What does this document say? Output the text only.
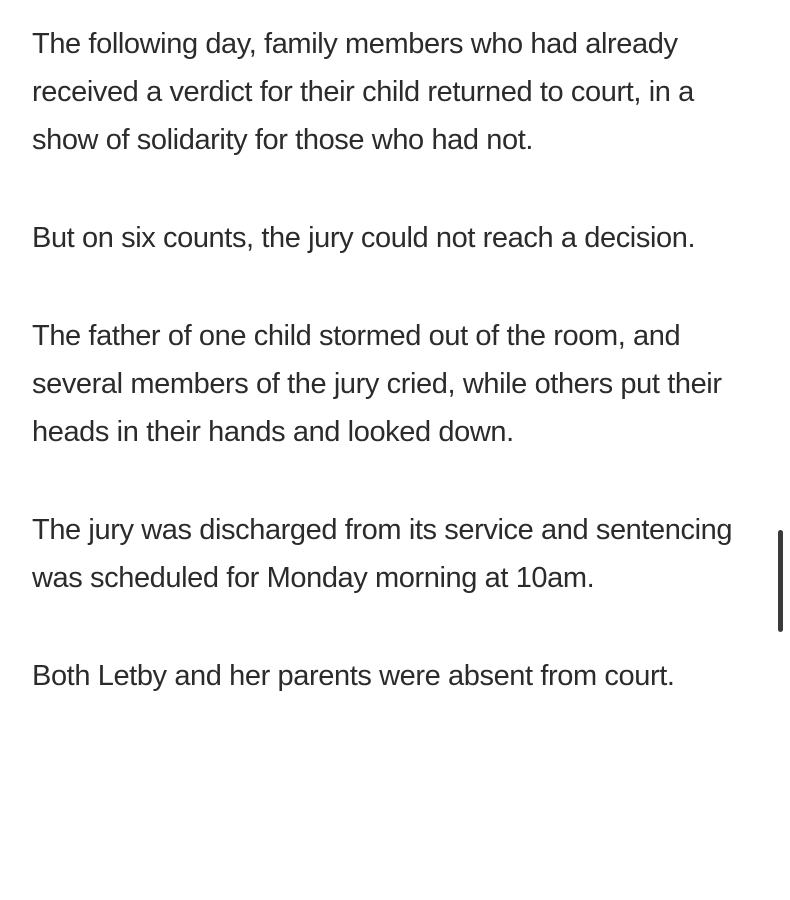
The following day, family members who had already received a verdict for their child returned to court, in a show of solidarity for those who had not.

But on six counts, the jury could not reach a decision.

The father of one child stormed out of the room, and several members of the jury cried, while others put their heads in their hands and looked down.

The jury was discharged from its service and sentencing was scheduled for Monday morning at 10am.

Both Letby and her parents were absent from court.
